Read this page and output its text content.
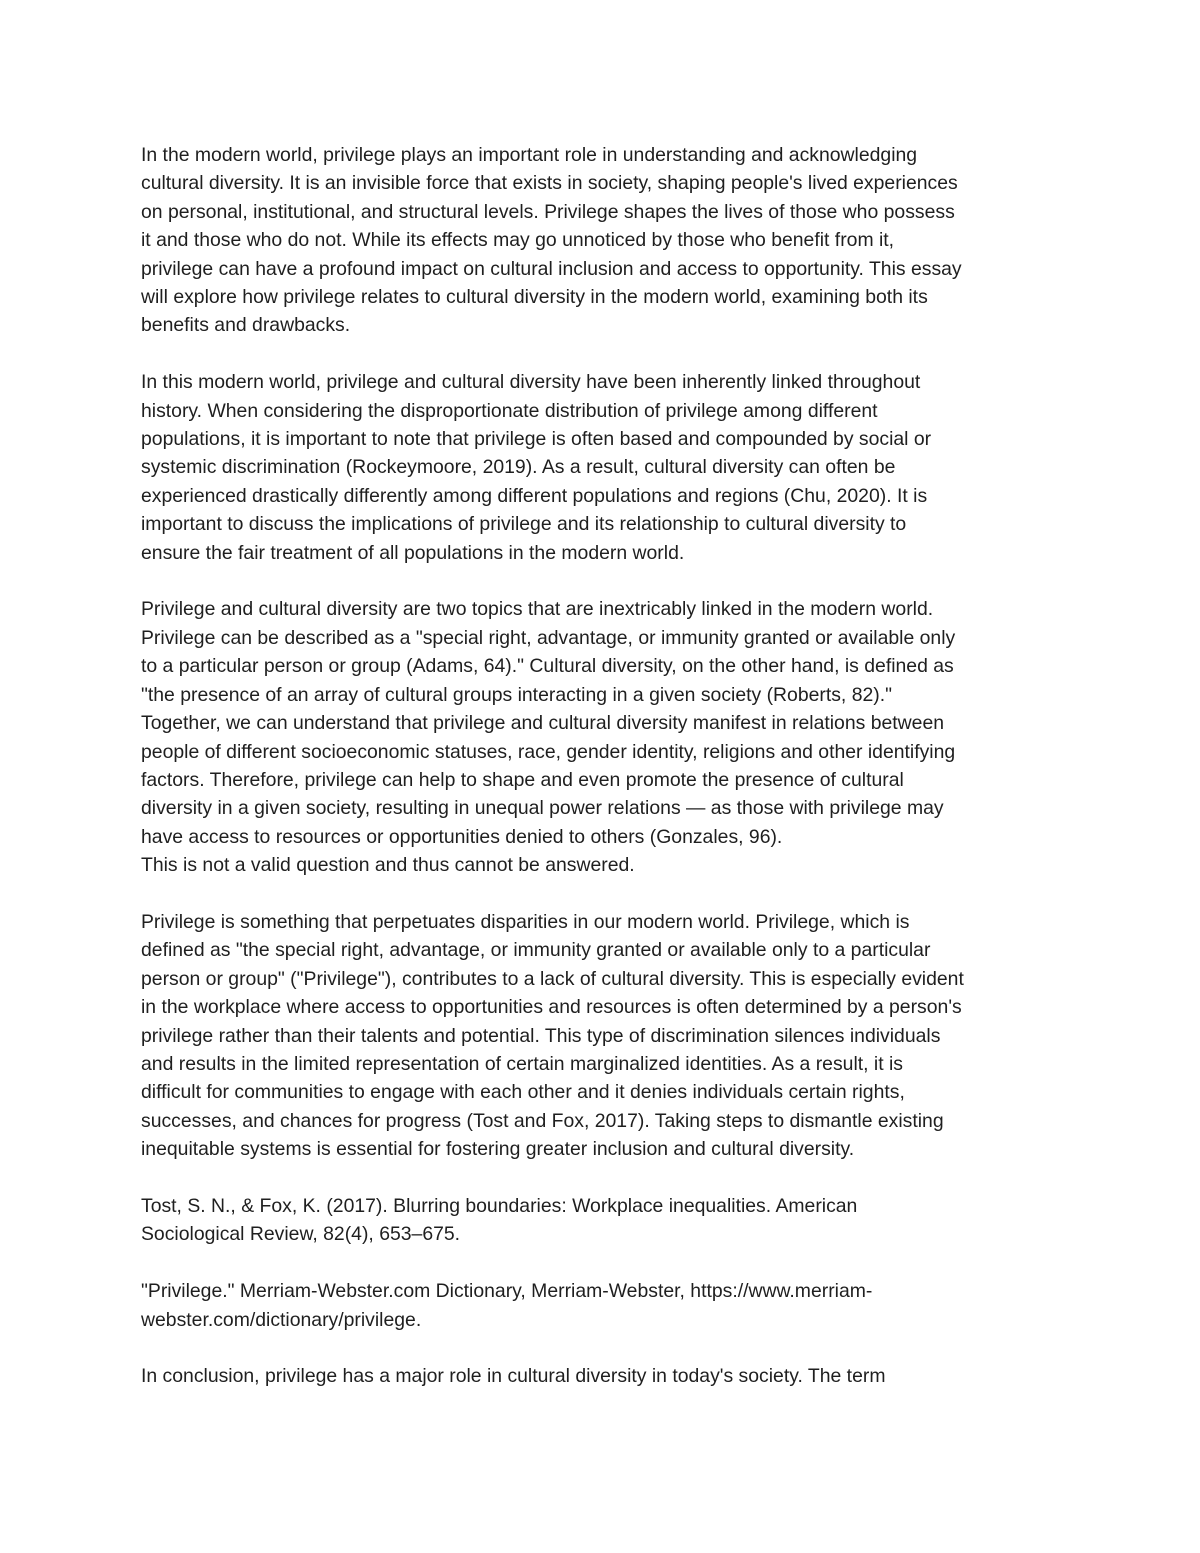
In the modern world, privilege plays an important role in understanding and acknowledging
cultural diversity. It is an invisible force that exists in society, shaping people's lived experiences
on personal, institutional, and structural levels. Privilege shapes the lives of those who possess
it and those who do not. While its effects may go unnoticed by those who benefit from it,
privilege can have a profound impact on cultural inclusion and access to opportunity. This essay
will explore how privilege relates to cultural diversity in the modern world, examining both its
benefits and drawbacks.

In this modern world, privilege and cultural diversity have been inherently linked throughout
history. When considering the disproportionate distribution of privilege among different
populations, it is important to note that privilege is often based and compounded by social or
systemic discrimination (Rockeymoore, 2019). As a result, cultural diversity can often be
experienced drastically differently among different populations and regions (Chu, 2020). It is
important to discuss the implications of privilege and its relationship to cultural diversity to
ensure the fair treatment of all populations in the modern world.

Privilege and cultural diversity are two topics that are inextricably linked in the modern world.
Privilege can be described as a "special right, advantage, or immunity granted or available only
to a particular person or group (Adams, 64)." Cultural diversity, on the other hand, is defined as
"the presence of an array of cultural groups interacting in a given society (Roberts, 82)."
Together, we can understand that privilege and cultural diversity manifest in relations between
people of different socioeconomic statuses, race, gender identity, religions and other identifying
factors. Therefore, privilege can help to shape and even promote the presence of cultural
diversity in a given society, resulting in unequal power relations — as those with privilege may
have access to resources or opportunities denied to others (Gonzales, 96).
This is not a valid question and thus cannot be answered.

Privilege is something that perpetuates disparities in our modern world. Privilege, which is
defined as "the special right, advantage, or immunity granted or available only to a particular
person or group" ("Privilege"), contributes to a lack of cultural diversity. This is especially evident
in the workplace where access to opportunities and resources is often determined by a person's
privilege rather than their talents and potential. This type of discrimination silences individuals
and results in the limited representation of certain marginalized identities. As a result, it is
difficult for communities to engage with each other and it denies individuals certain rights,
successes, and chances for progress (Tost and Fox, 2017). Taking steps to dismantle existing
inequitable systems is essential for fostering greater inclusion and cultural diversity.

Tost, S. N., & Fox, K. (2017). Blurring boundaries: Workplace inequalities. American
Sociological Review, 82(4), 653–675.

"Privilege." Merriam-Webster.com Dictionary, Merriam-Webster, https://www.merriam-
webster.com/dictionary/privilege.

In conclusion, privilege has a major role in cultural diversity in today's society. The term
